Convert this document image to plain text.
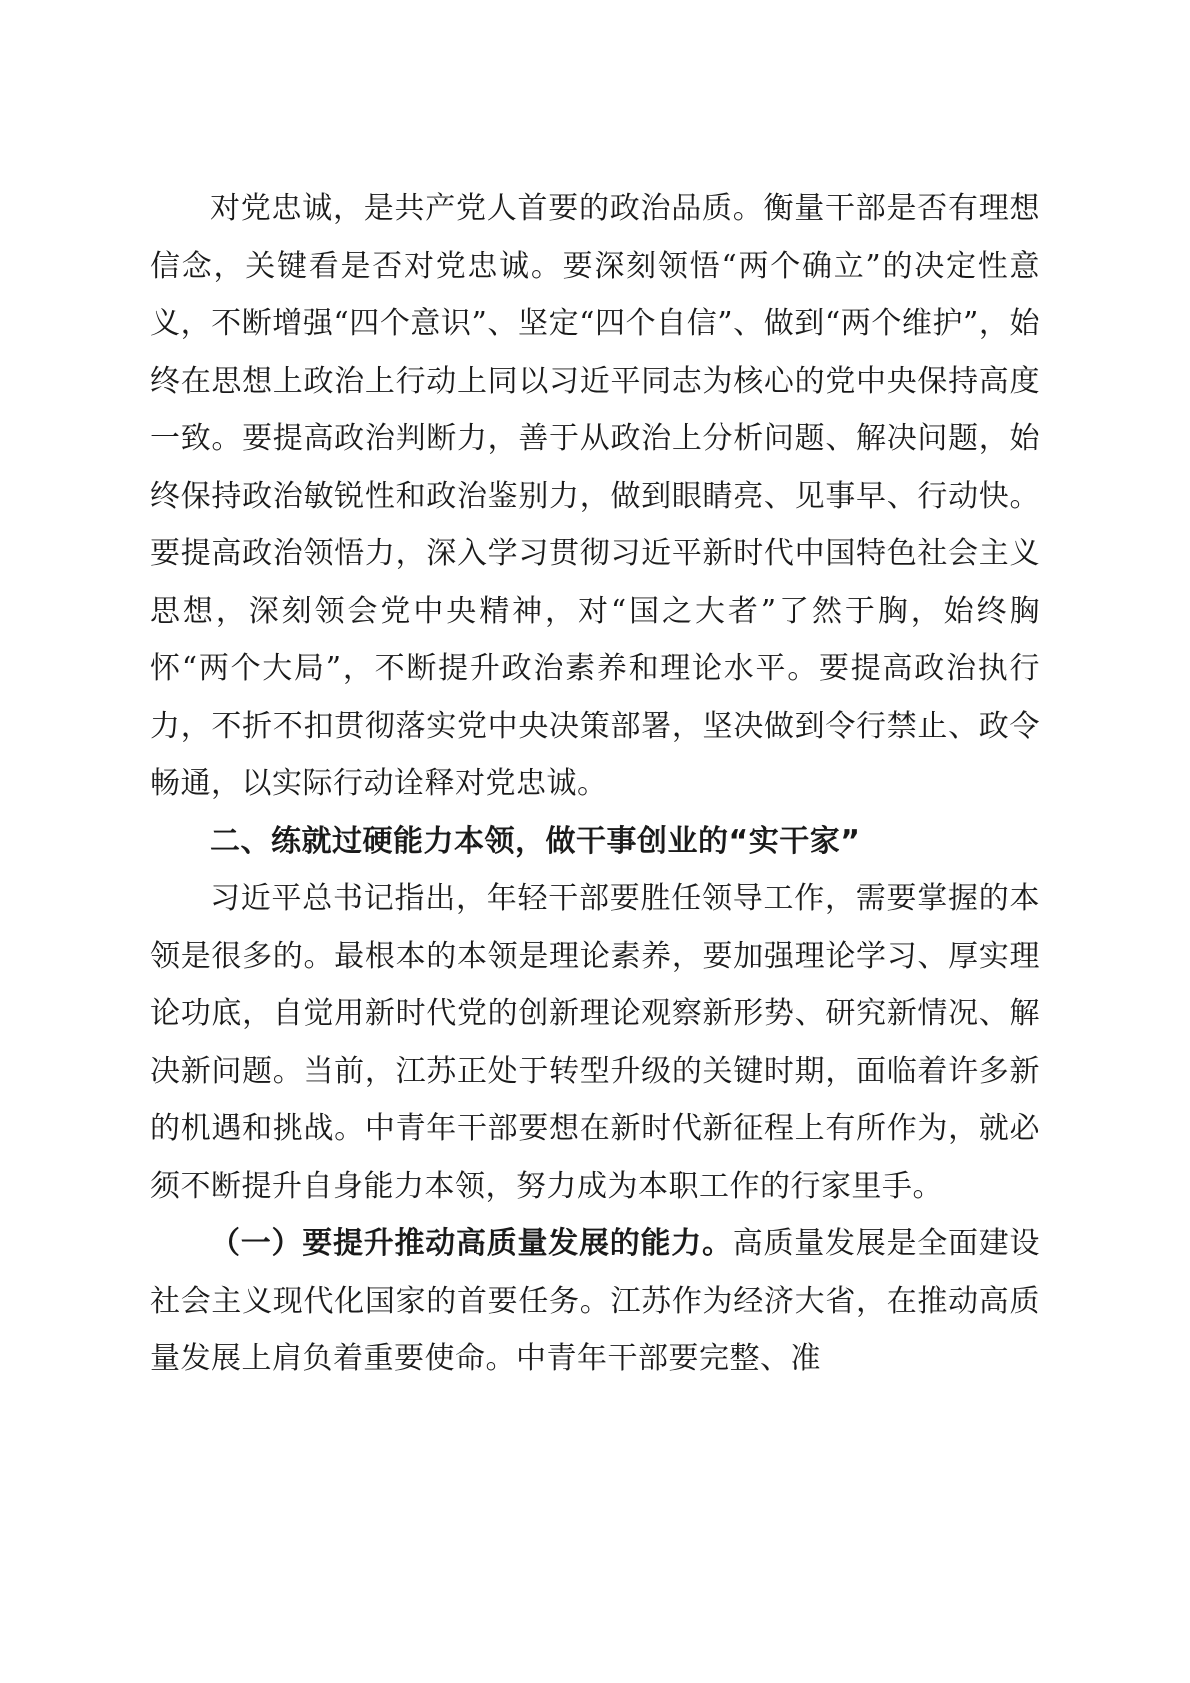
对党忠诚，是共产党人首要的政治品质。衡量干部是否有理想信念，关键看是否对党忠诚。要深刻领悟“两个确立”的决定性意义，不断增强“四个意识”、坚定“四个自信”、做到“两个维护”，始终在思想上政治上行动上同以习近平同志为核心的党中央保持高度一致。要提高政治判断力，善于从政治上分析问题、解决问题，始终保持政治敏锐性和政治鉴别力，做到眼睛亮、见事早、行动快。要提高政治领悟力，深入学习贯彻习近平新时代中国特色社会主义思想，深刻领会党中央精神，对“国之大者”了然于胸，始终胸怀“两个大局”，不断提升政治素养和理论水平。要提高政治执行力，不折不扣贯彻落实党中央决策部署，坚决做到令行禁止、政令畅通，以实际行动诠释对党忠诚。

二、练就过硬能力本领，做干事创业的“实干家”

习近平总书记指出，年轻干部要胜任领导工作，需要掌握的本领是很多的。最根本的本领是理论素养，要加强理论学习、厚实理论功底，自觉用新时代党的创新理论观察新形势、研究新情况、解决新问题。当前，江苏正处于转型升级的关键时期，面临着许多新的机遇和挑战。中青年干部要想在新时代新征程上有所作为，就必须不断提升自身能力本领，努力成为本职工作的行家里手。

（一）要提升推动高质量发展的能力。高质量发展是全面建设社会主义现代化国家的首要任务。江苏作为经济大省，在推动高质量发展上肩负着重要使命。中青年干部要完整、准
